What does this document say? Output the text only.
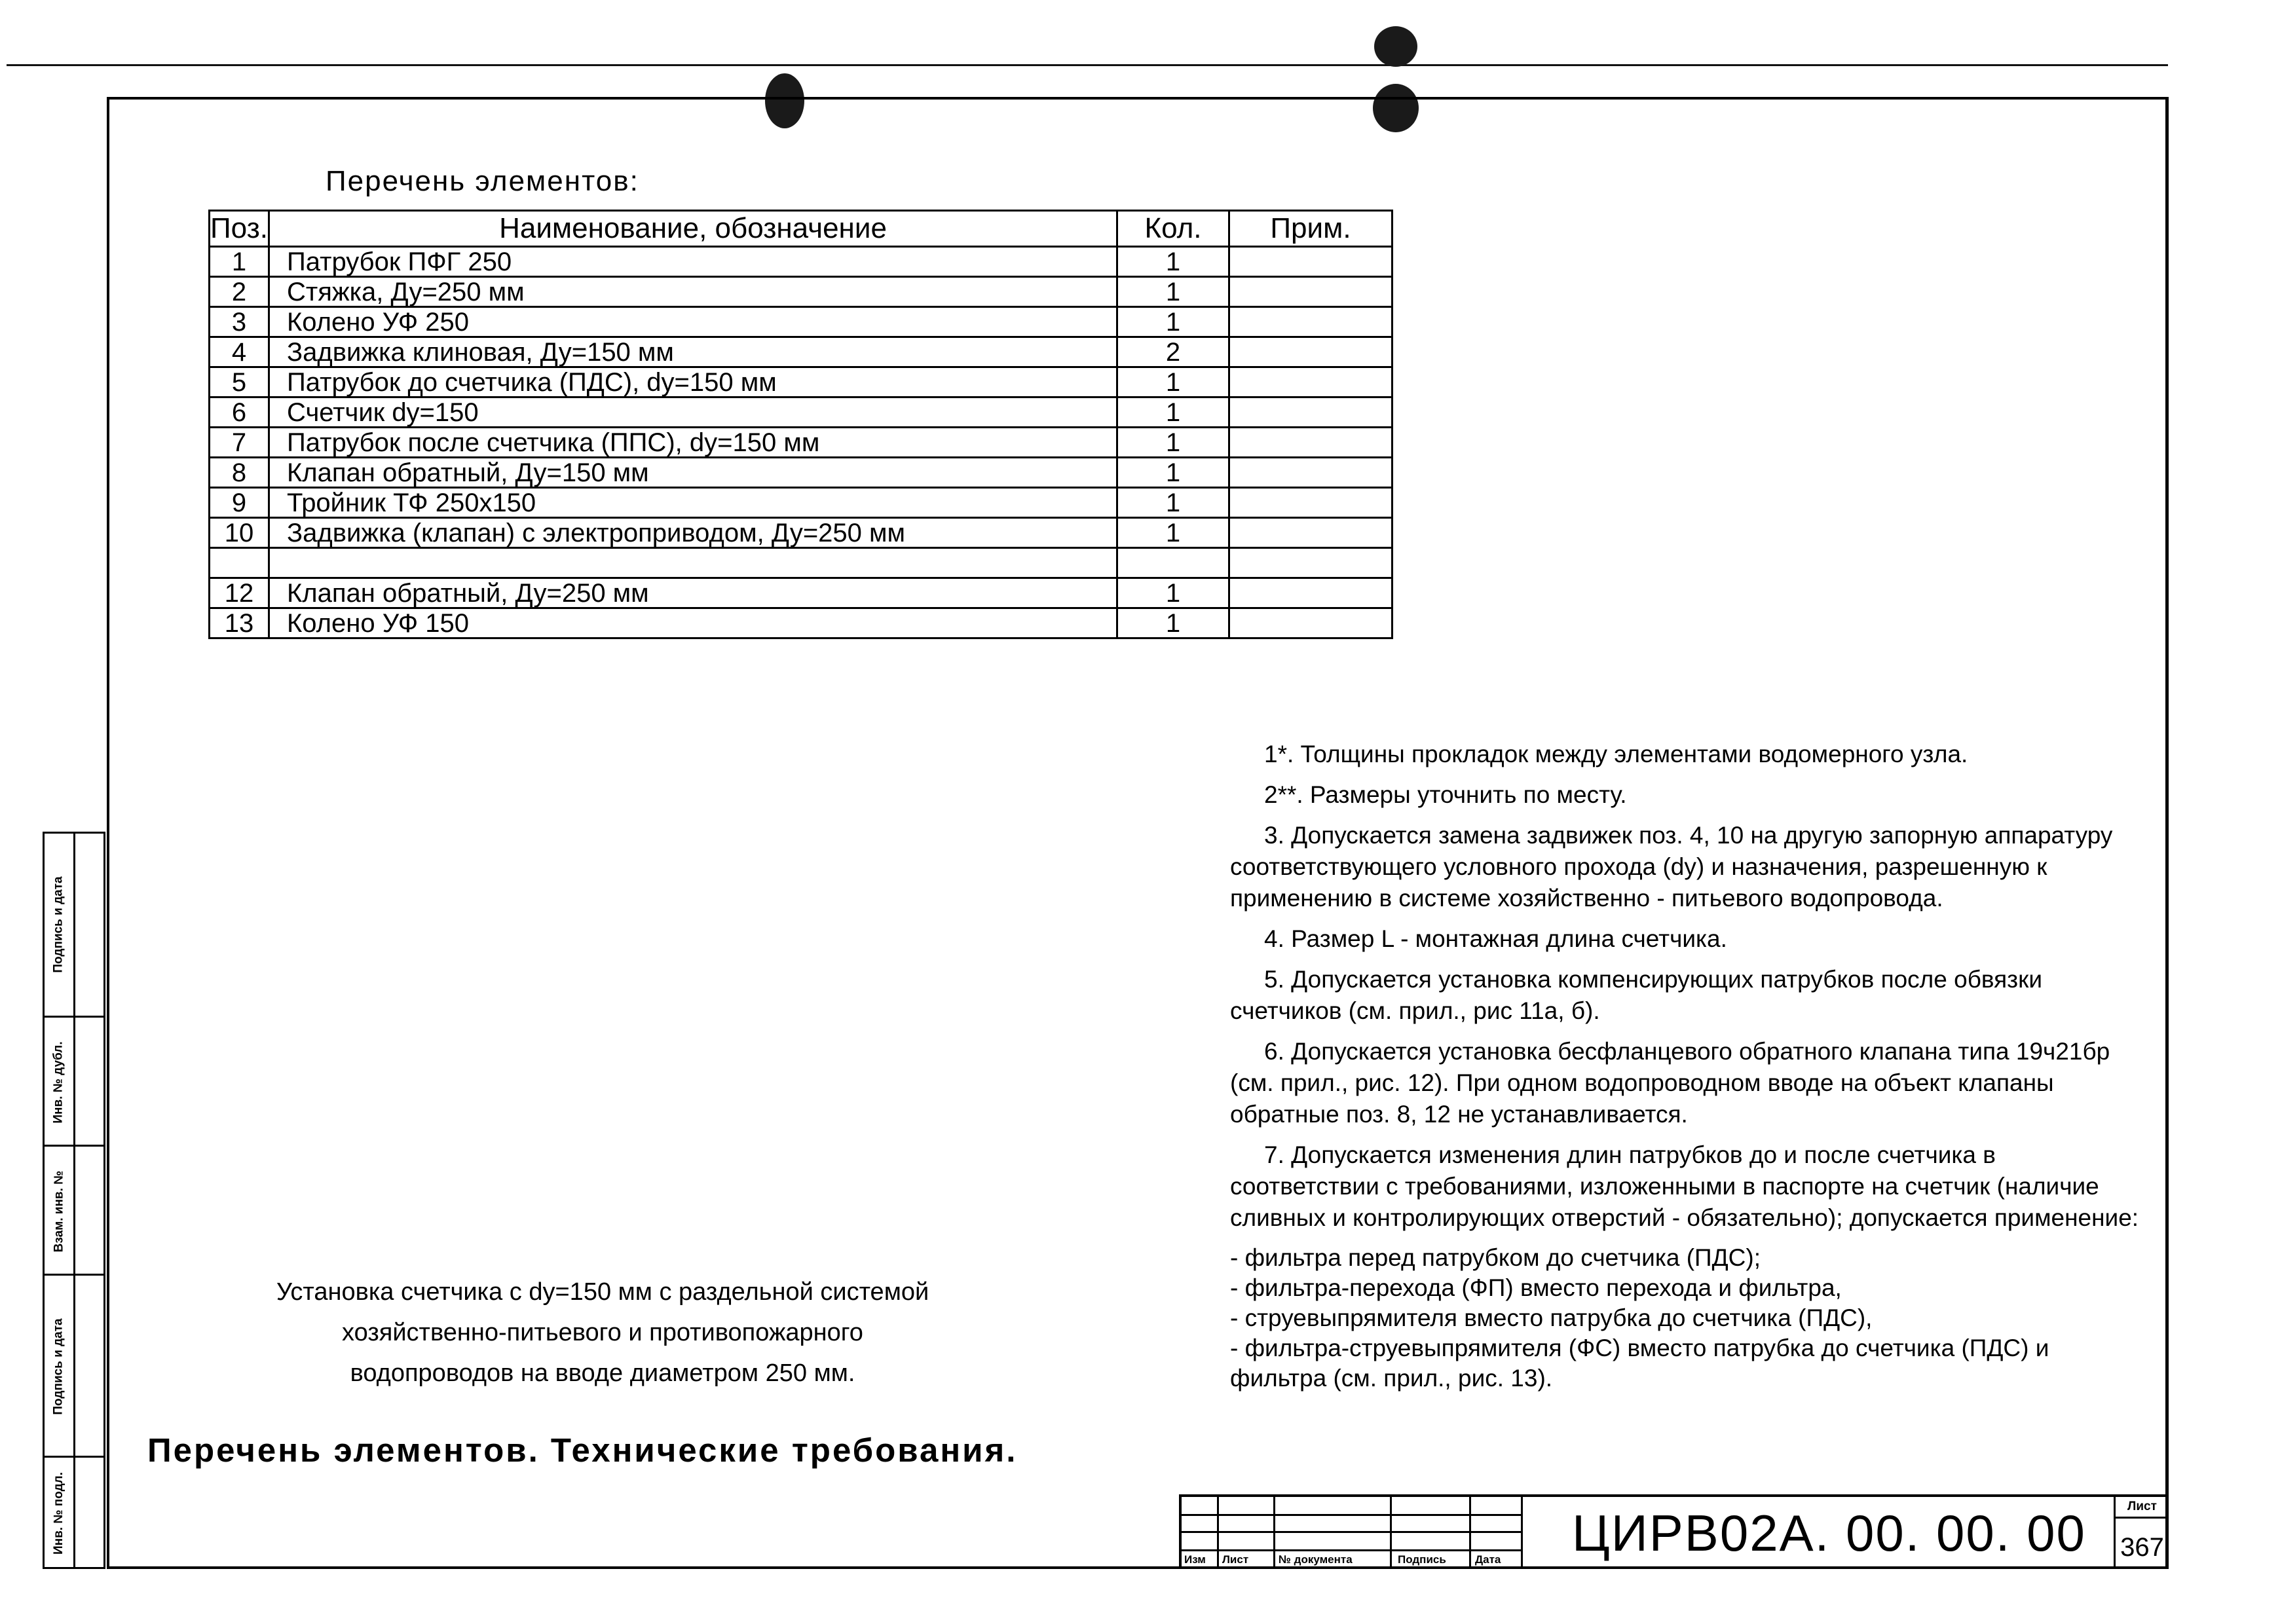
Подпись и дата
Инв. № дубл.
Взам. инв. №
Подпись и дата
Инв. № подл.
Перечень элементов:
Поз.	Наименование, обозначение	Кол.	Прим.
1	Патрубок ПФГ 250	1	
2	Стяжка, Ду=250 мм	1	
3	Колено УФ 250	1	
4	Задвижка клиновая, Ду=150 мм	2	
5	Патрубок до счетчика (ПДС), dy=150 мм	1	
6	Счетчик dy=150	1	
7	Патрубок после счетчика (ППС), dy=150 мм	1	
8	Клапан обратный, Ду=150 мм	1	
9	Тройник ТФ 250х150	1	
10	Задвижка (клапан) с электроприводом, Ду=250 мм	1	

12	Клапан обратный, Ду=250 мм	1	
13	Колено УФ 150	1	

1*. Толщины прокладок между элементами водомерного узла.

2**. Размеры уточнить по месту.

3. Допускается замена задвижек поз. 4, 10 на другую запорную аппаратуру соответствующего условного прохода (dy) и назначения, разрешенную к применению в системе хозяйственно - питьевого водопровода.

4. Размер L - монтажная длина счетчика.

5. Допускается установка компенсирующих патрубков после обвязки счетчиков (см. прил., рис 11а, б).

6. Допускается установка бесфланцевого обратного клапана типа 19ч21бр (см. прил., рис. 12). При одном водопроводном вводе на объект клапаны обратные поз. 8, 12 не устанавливается.

7. Допускается изменения длин патрубков до и после счетчика в соответствии с требованиями, изложенными в паспорте на счетчик (наличие сливных и контролирующих отверстий - обязательно); допускается применение:

- фильтра перед патрубком до счетчика (ПДС);
- фильтра-перехода (ФП) вместо перехода и фильтра,
- струевыпрямителя вместо патрубка до счетчика (ПДС),
- фильтра-струевыпрямителя (ФС) вместо патрубка до счетчика (ПДС) и фильтра (см. прил., рис. 13).
Установка счетчика с dy=150 мм с раздельной системой
хозяйственно-питьевого и противопожарного
водопроводов на вводе диаметром 250 мм.
Перечень элементов. Технические требования.
Изм Лист	№ документа	Подпись	Дата ЦИРВ02А. 00. 00. 00	Лист
367
